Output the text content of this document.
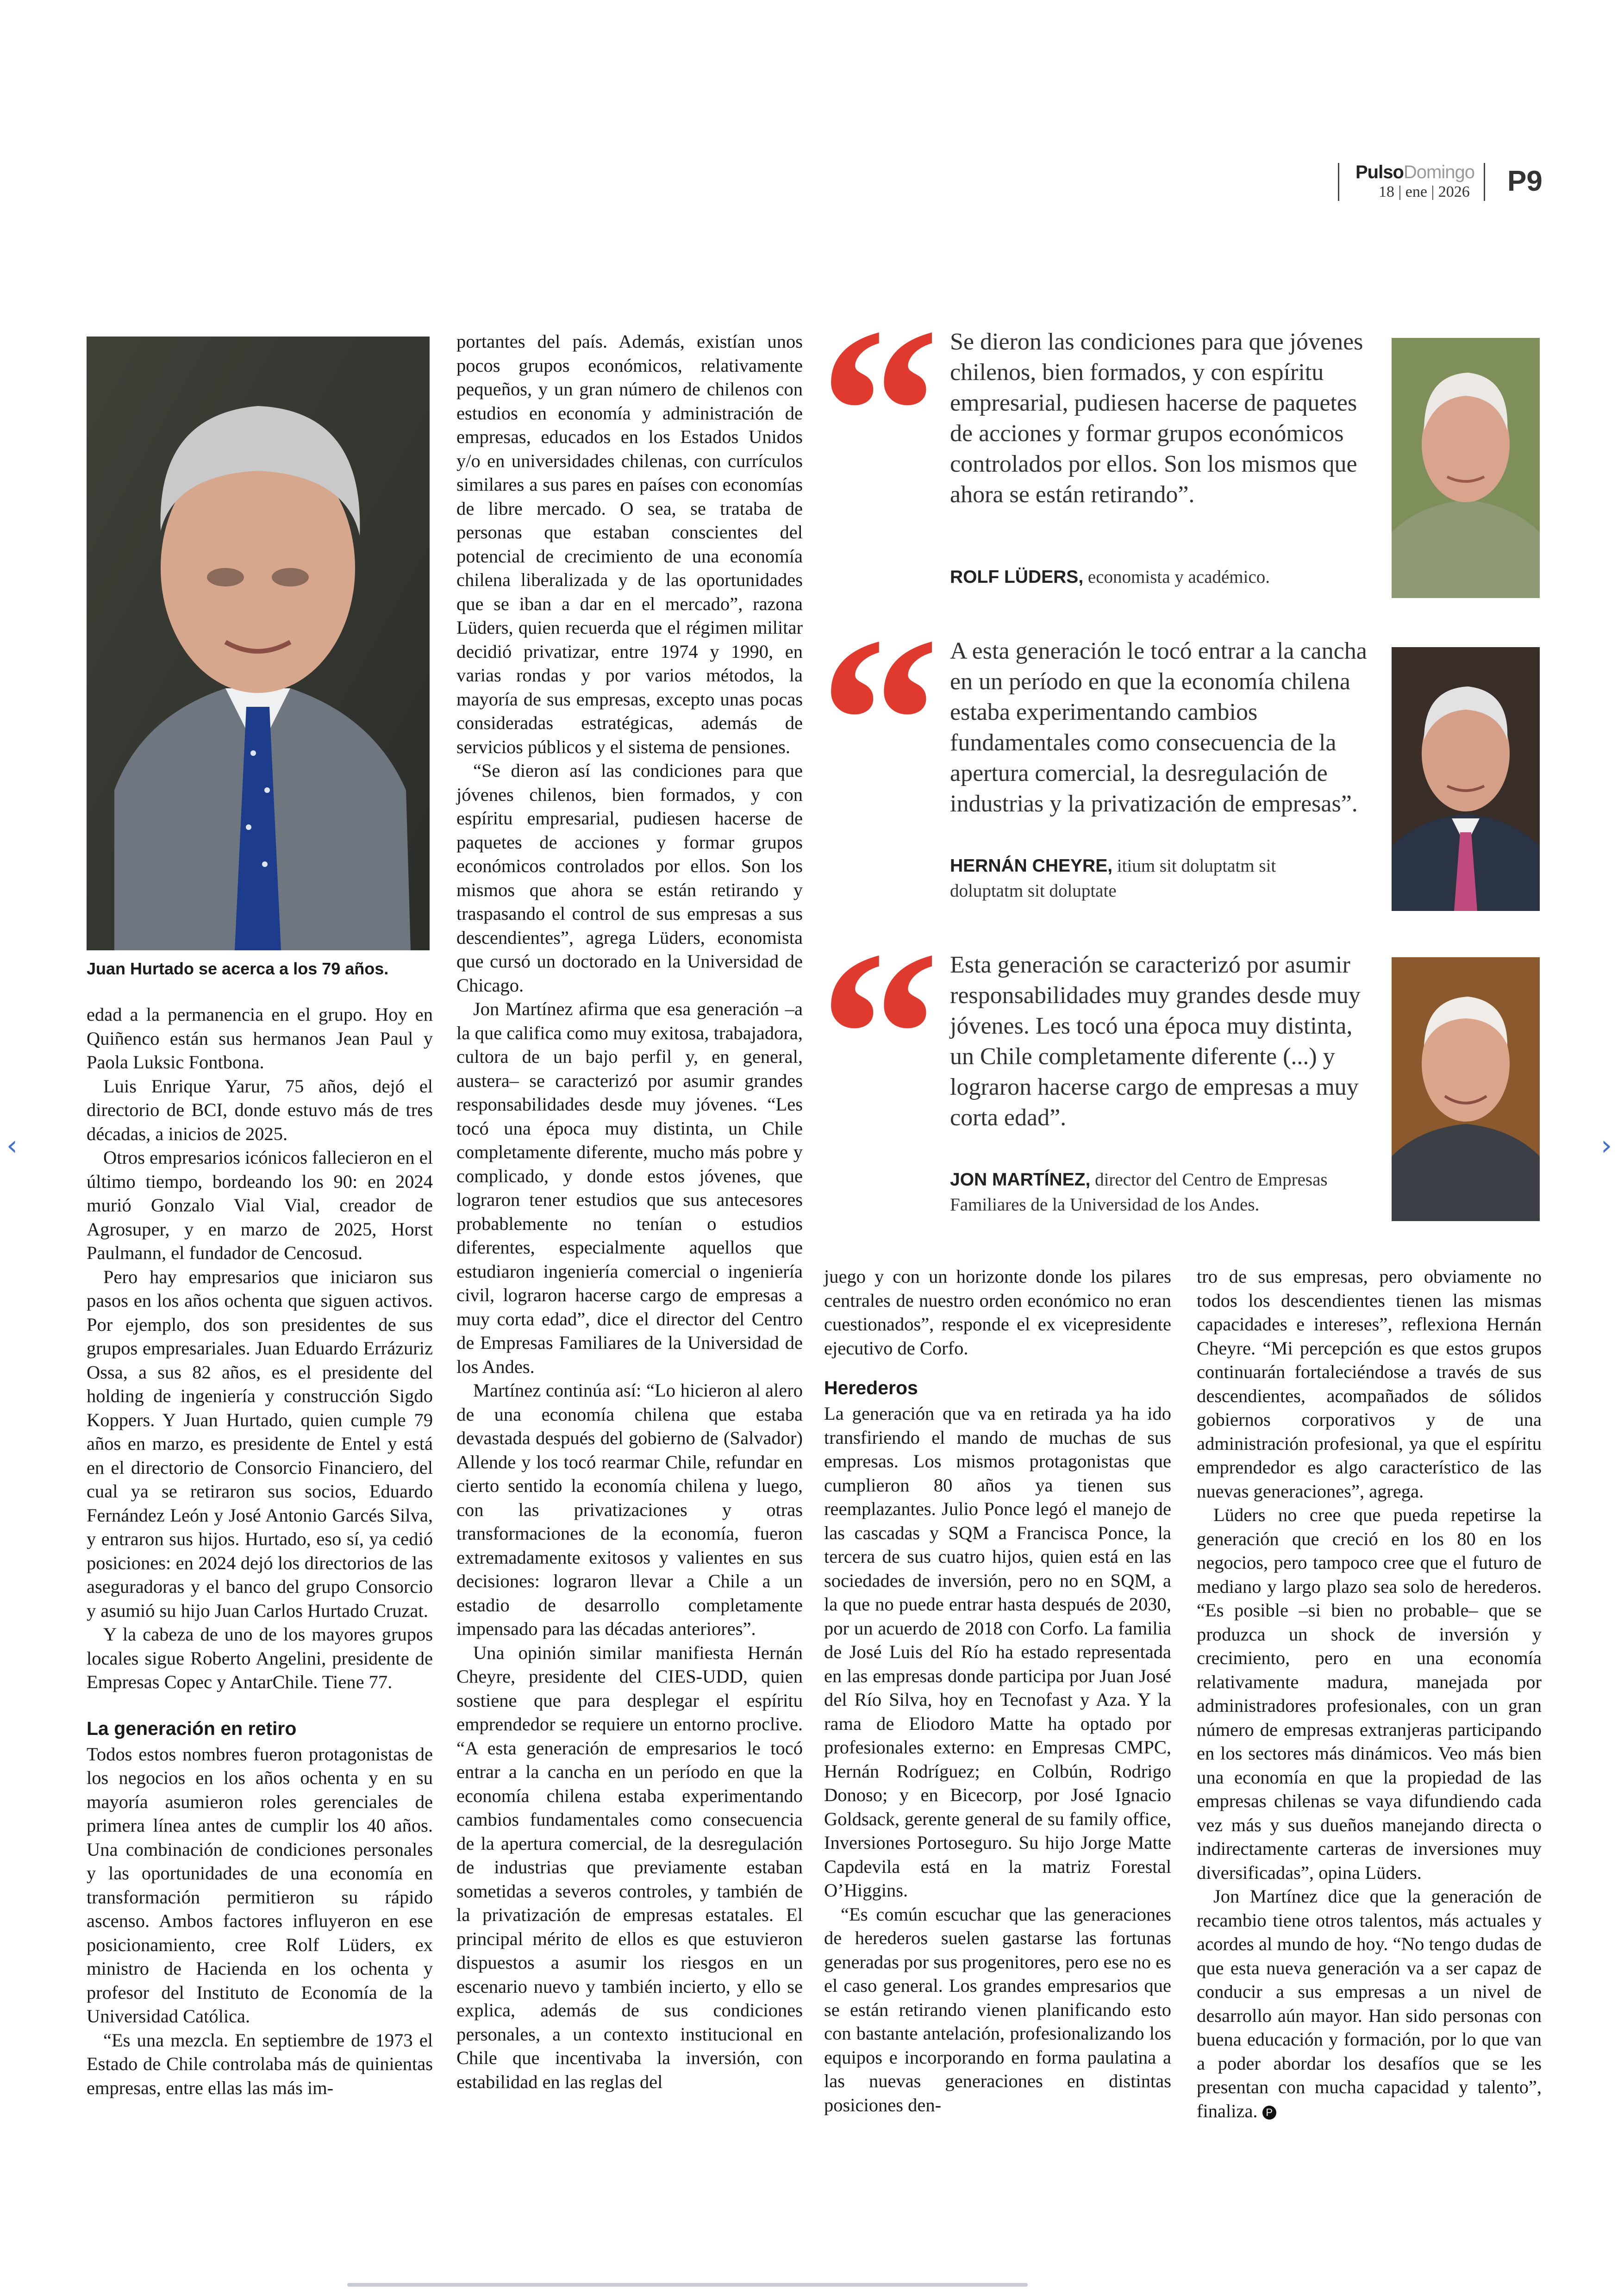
PulsoDomingo
18 | ene | 2026 P9
Juan Hurtado se acerca a los 79 años.

edad a la permanencia en el grupo. Hoy en Quiñenco están sus hermanos Jean Paul y Paola Luksic Fontbona.

Luis Enrique Yarur, 75 años, dejó el directorio de BCI, donde estuvo más de tres décadas, a inicios de 2025.

Otros empresarios icónicos fallecieron en el último tiempo, bordeando los 90: en 2024 murió Gonzalo Vial Vial, creador de Agrosuper, y en marzo de 2025, Horst Paulmann, el fundador de Cencosud.

Pero hay empresarios que iniciaron sus pasos en los años ochenta que siguen activos. Por ejemplo, dos son presidentes de sus grupos empresariales. Juan Eduardo Errázuriz Ossa, a sus 82 años, es el presidente del holding de ingeniería y construcción Sigdo Koppers. Y Juan Hurtado, quien cumple 79 años en marzo, es presidente de Entel y está en el directorio de Consorcio Financiero, del cual ya se retiraron sus socios, Eduardo Fernández León y José Antonio Garcés Silva, y entraron sus hijos. Hurtado, eso sí, ya cedió posiciones: en 2024 dejó los directorios de las aseguradoras y el banco del grupo Consorcio y asumió su hijo Juan Carlos Hurtado Cruzat.

Y la cabeza de uno de los mayores grupos locales sigue Roberto Angelini, presidente de Empresas Copec y AntarChile. Tiene 77.

La generación en retiro

Todos estos nombres fueron protagonistas de los negocios en los años ochenta y en su mayoría asumieron roles gerenciales de primera línea antes de cumplir los 40 años. Una combinación de condiciones personales y las oportunidades de una economía en transformación permitieron su rápido ascenso. Ambos factores influyeron en ese posicionamiento, cree Rolf Lüders, ex ministro de Hacienda en los ochenta y profesor del Instituto de Economía de la Universidad Católica.

“Es una mezcla. En septiembre de 1973 el Estado de Chile controlaba más de quinientas empresas, entre ellas las más im-

portantes del país. Además, existían unos pocos grupos económicos, relativamente pequeños, y un gran número de chilenos con estudios en economía y administración de empresas, educados en los Estados Unidos y/o en universidades chilenas, con currículos similares a sus pares en países con economías de libre mercado. O sea, se trataba de personas que estaban conscientes del potencial de crecimiento de una economía chilena liberalizada y de las oportunidades que se iban a dar en el mercado”, razona Lüders, quien recuerda que el régimen militar decidió privatizar, entre 1974 y 1990, en varias rondas y por varios métodos, la mayoría de sus empresas, excepto unas pocas consideradas estratégicas, además de servicios públicos y el sistema de pensiones.

“Se dieron así las condiciones para que jóvenes chilenos, bien formados, y con espíritu empresarial, pudiesen hacerse de paquetes de acciones y formar grupos económicos controlados por ellos. Son los mismos que ahora se están retirando y traspasando el control de sus empresas a sus descendientes”, agrega Lüders, economista que cursó un doctorado en la Universidad de Chicago.

Jon Martínez afirma que esa generación –a la que califica como muy exitosa, trabajadora, cultora de un bajo perfil y, en general, austera– se caracterizó por asumir grandes responsabilidades desde muy jóvenes. “Les tocó una época muy distinta, un Chile completamente diferente, mucho más pobre y complicado, y donde estos jóvenes, que lograron tener estudios que sus antecesores probablemente no tenían o estudios diferentes, especialmente aquellos que estudiaron ingeniería comercial o ingeniería civil, lograron hacerse cargo de empresas a muy corta edad”, dice el director del Centro de Empresas Familiares de la Universidad de los Andes.

Martínez continúa así: “Lo hicieron al alero de una economía chilena que estaba devastada después del gobierno de (Salvador) Allende y los tocó rearmar Chile, refundar en cierto sentido la economía chilena y luego, con las privatizaciones y otras transformaciones de la economía, fueron extremadamente exitosos y valientes en sus decisiones: lograron llevar a Chile a un estadio de desarrollo completamente impensado para las décadas anteriores”.

Una opinión similar manifiesta Hernán Cheyre, presidente del CIES-UDD, quien sostiene que para desplegar el espíritu emprendedor se requiere un entorno proclive. “A esta generación de empresarios le tocó entrar a la cancha en un período en que la economía chilena estaba experimentando cambios fundamentales como consecuencia de la apertura comercial, de la desregulación de industrias que previamente estaban sometidas a severos controles, y también de la privatización de empresas estatales. El principal mérito de ellos es que estuvieron dispuestos a asumir los riesgos en un escenario nuevo y también incierto, y ello se explica, además de sus condiciones personales, a un contexto institucional en Chile que incentivaba la inversión, con estabilidad en las reglas del

“ Se dieron las condiciones para que jóvenes chilenos, bien formados, y con espíritu empresarial, pudiesen hacerse de paquetes de acciones y formar grupos económicos controlados por ellos. Son los mismos que ahora se están retirando”.
ROLF LÜDERS, economista y académico.
“ A esta generación le tocó entrar a la cancha en un período en que la economía chilena estaba experimentando cambios fundamentales como consecuencia de la apertura comercial, la desregulación de industrias y la privatización de empresas”.
HERNÁN CHEYRE, itium sit doluptatm sit doluptatm sit doluptate
“ Esta generación se caracterizó por asumir responsabilidades muy grandes desde muy jóvenes. Les tocó una época muy distinta, un Chile completamente diferente (...) y lograron hacerse cargo de empresas a muy corta edad”.
JON MARTÍNEZ, director del Centro de Empresas Familiares de la Universidad de los Andes.

juego y con un horizonte donde los pilares centrales de nuestro orden económico no eran cuestionados”, responde el ex vicepresidente ejecutivo de Corfo.

Herederos

La generación que va en retirada ya ha ido transfiriendo el mando de muchas de sus empresas. Los mismos protagonistas que cumplieron 80 años ya tienen sus reemplazantes. Julio Ponce legó el manejo de las cascadas y SQM a Francisca Ponce, la tercera de sus cuatro hijos, quien está en las sociedades de inversión, pero no en SQM, a la que no puede entrar hasta después de 2030, por un acuerdo de 2018 con Corfo. La familia de José Luis del Río ha estado representada en las empresas donde participa por Juan José del Río Silva, hoy en Tecnofast y Aza. Y la rama de Eliodoro Matte ha optado por profesionales externo: en Empresas CMPC, Hernán Rodríguez; en Colbún, Rodrigo Donoso; y en Bicecorp, por José Ignacio Goldsack, gerente general de su family office, Inversiones Portoseguro. Su hijo Jorge Matte Capdevila está en la matriz Forestal O’Higgins.

“Es común escuchar que las generaciones de herederos suelen gastarse las fortunas generadas por sus progenitores, pero ese no es el caso general. Los grandes empresarios que se están retirando vienen planificando esto con bastante antelación, profesionalizando los equipos e incorporando en forma paulatina a las nuevas generaciones en distintas posiciones den-

tro de sus empresas, pero obviamente no todos los descendientes tienen las mismas capacidades e intereses”, reflexiona Hernán Cheyre. “Mi percepción es que estos grupos continuarán fortaleciéndose a través de sus descendientes, acompañados de sólidos gobiernos corporativos y de una administración profesional, ya que el espíritu emprendedor es algo característico de las nuevas generaciones”, agrega.

Lüders no cree que pueda repetirse la generación que creció en los 80 en los negocios, pero tampoco cree que el futuro de mediano y largo plazo sea solo de herederos. “Es posible –si bien no probable– que se produzca un shock de inversión y crecimiento, pero en una economía relativamente madura, manejada por administradores profesionales, con un gran número de empresas extranjeras participando en los sectores más dinámicos. Veo más bien una economía en que la propiedad de las empresas chilenas se vaya difundiendo cada vez más y sus dueños manejando directa o indirectamente carteras de inversiones muy diversificadas”, opina Lüders.

Jon Martínez dice que la generación de recambio tiene otros talentos, más actuales y acordes al mundo de hoy. “No tengo dudas de que esta nueva generación va a ser capaz de conducir a sus empresas a un nivel de desarrollo aún mayor. Han sido personas con buena educación y formación, por lo que van a poder abordar los desafíos que se les presentan con mucha capacidad y talento”, finaliza. P

‹	›
